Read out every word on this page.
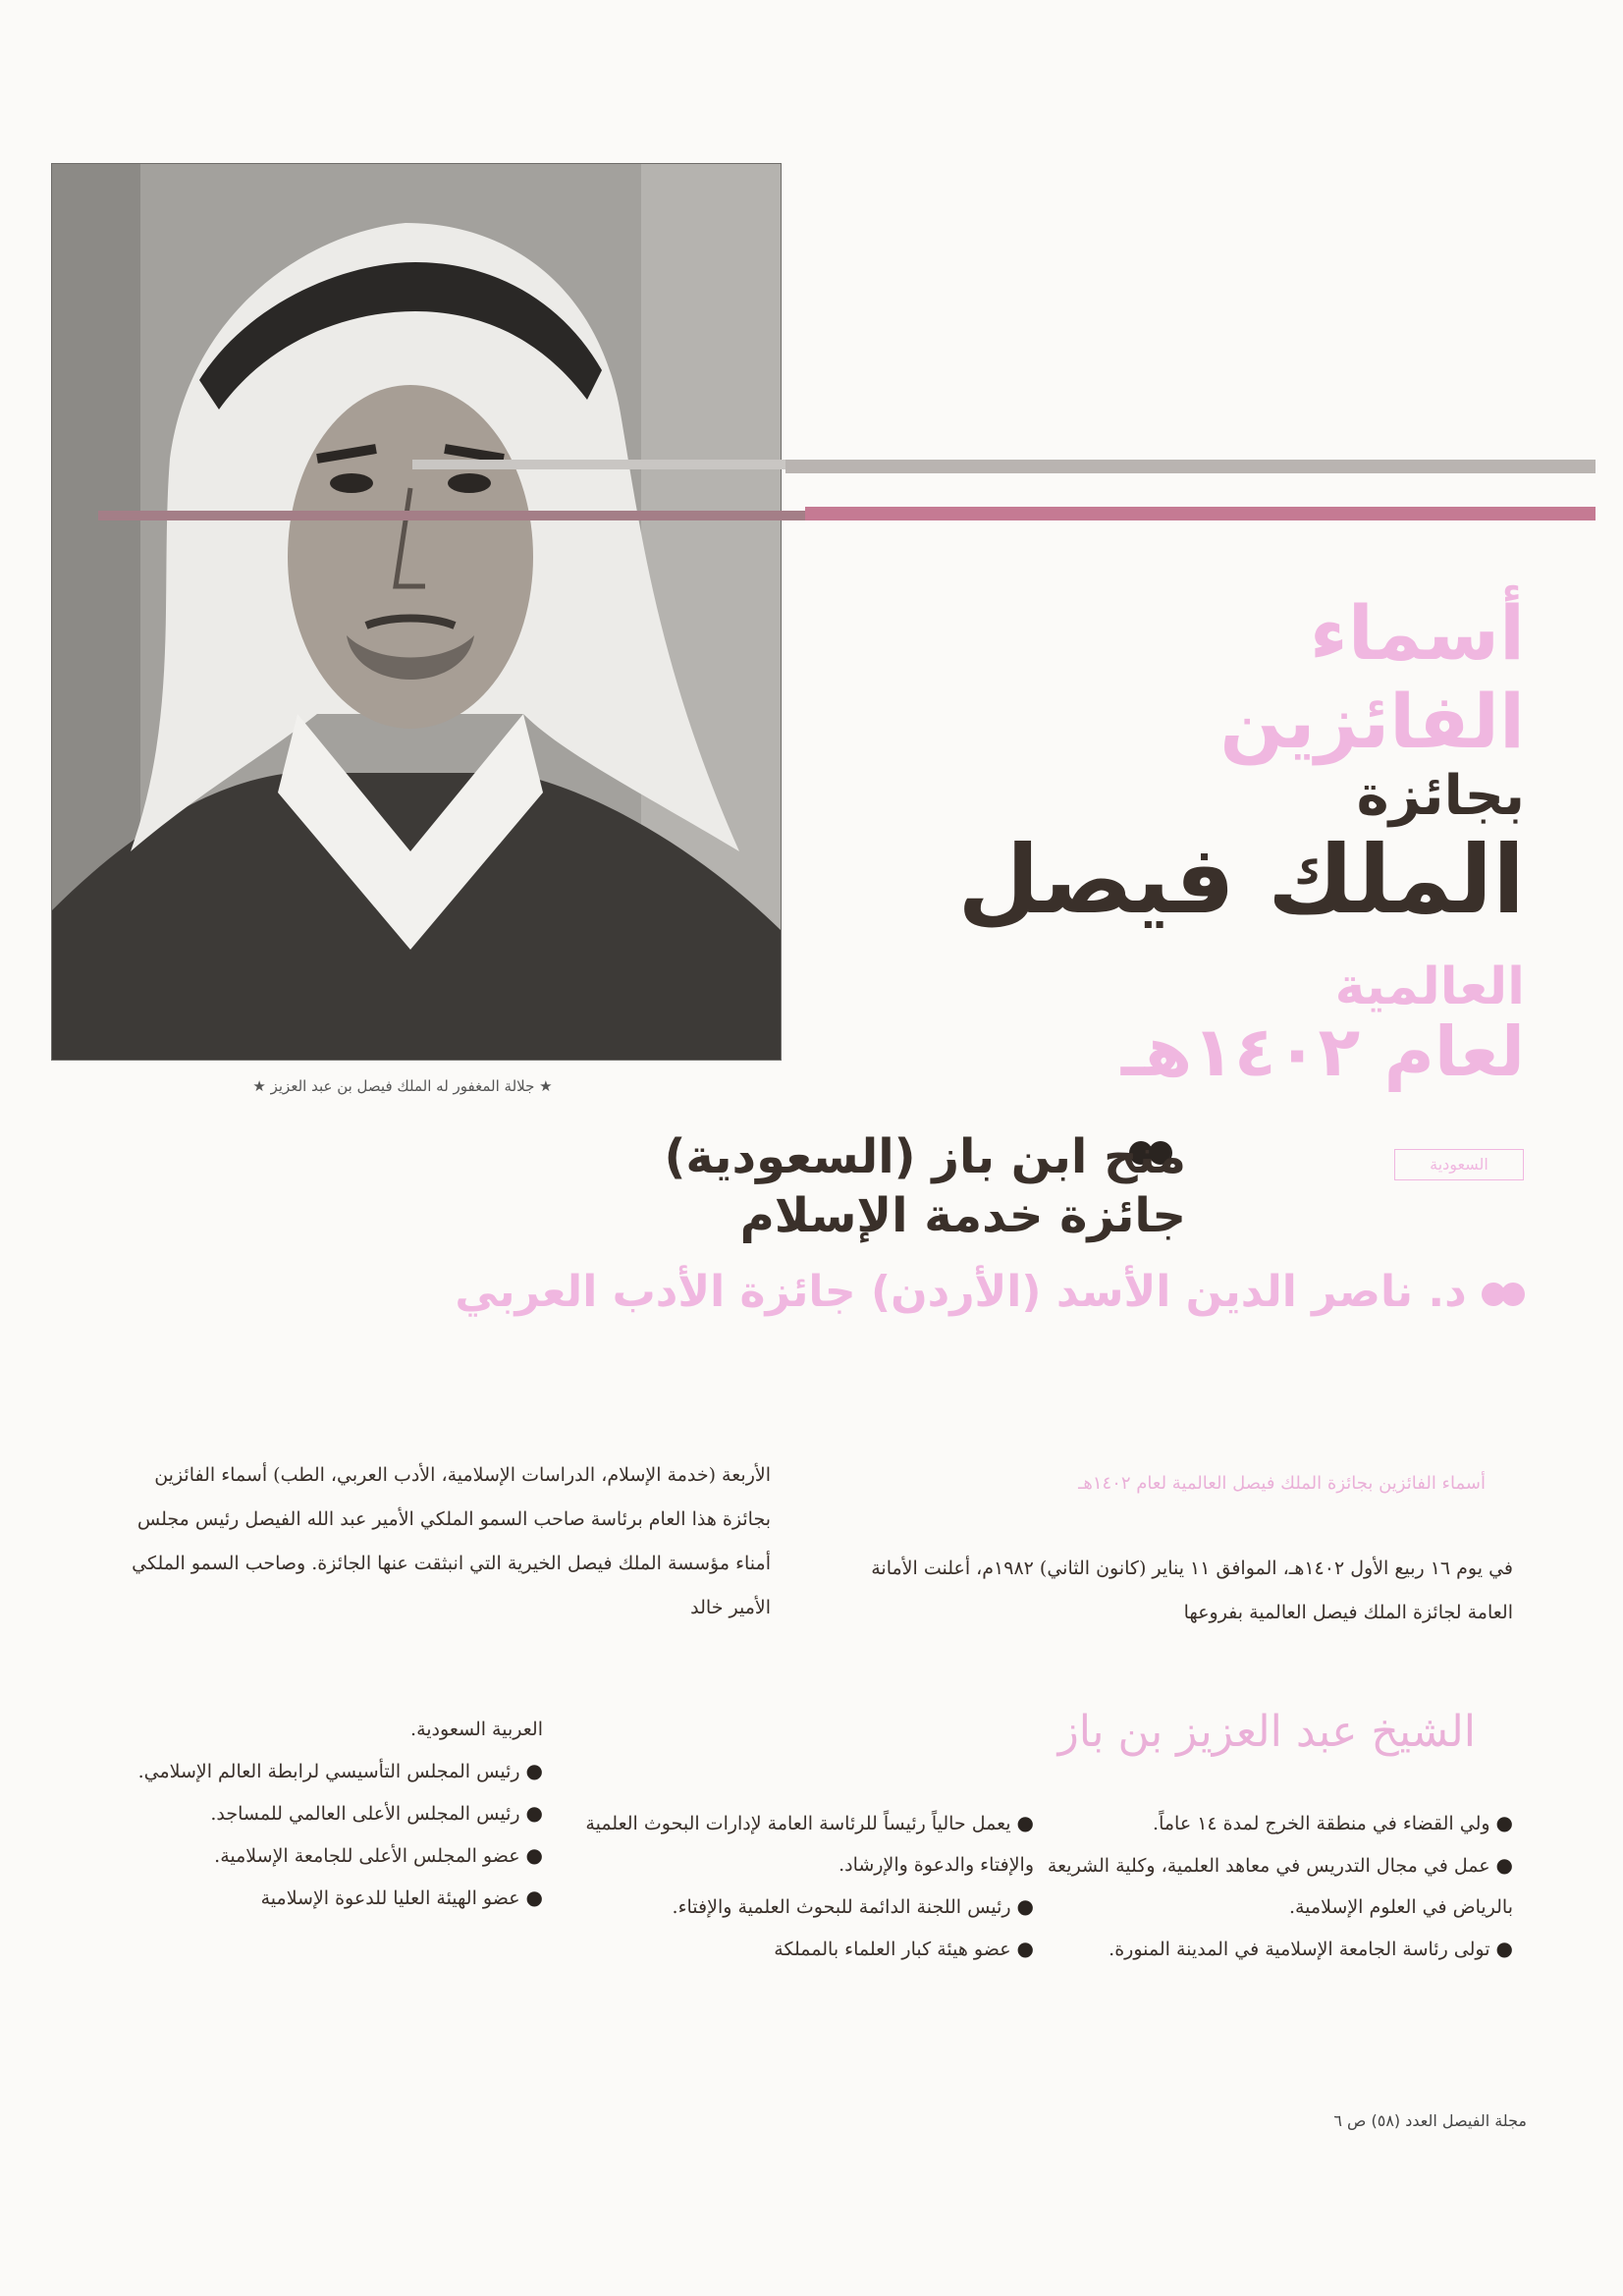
★ جلالة المغفور له الملك فيصل بن عبد العزيز ★
أسماء
الفائزين
بجائزة
الملك فيصل
العالمية
لعام ١٤٠٢هـ
السعودية
منح ابن باز (السعودية)
جائزة خدمة الإسلام
د. ناصر الدين الأسد (الأردن) جائزة الأدب العربي
أسماء الفائزين بجائزة الملك فيصل العالمية لعام ١٤٠٢هـ
في يوم ١٦ ربيع الأول ١٤٠٢هـ، الموافق ١١ يناير (كانون الثاني) ١٩٨٢م، أعلنت الأمانة العامة لجائزة الملك فيصل العالمية بفروعها
الأربعة (خدمة الإسلام، الدراسات الإسلامية، الأدب العربي، الطب) أسماء الفائزين بجائزة هذا العام برئاسة صاحب السمو الملكي الأمير عبد الله الفيصل رئيس مجلس أمناء مؤسسة الملك فيصل الخيرية التي انبثقت عنها الجائزة. وصاحب السمو الملكي الأمير خالد
الشيخ عبد العزيز بن باز
●ولي القضاء في منطقة الخرج لمدة ١٤ عاماً.
●عمل في مجال التدريس في معاهد العلمية، وكلية الشريعة بالرياض في العلوم الإسلامية.
●تولى رئاسة الجامعة الإسلامية في المدينة المنورة.
●يعمل حالياً رئيساً للرئاسة العامة لإدارات البحوث العلمية والإفتاء والدعوة والإرشاد.
●رئيس اللجنة الدائمة للبحوث العلمية والإفتاء.
●عضو هيئة كبار العلماء بالمملكة
العربية السعودية.
●رئيس المجلس التأسيسي لرابطة العالم الإسلامي.
●رئيس المجلس الأعلى العالمي للمساجد.
●عضو المجلس الأعلى للجامعة الإسلامية.
●عضو الهيئة العليا للدعوة الإسلامية
مجلة الفيصل العدد (٥٨) ص ٦
